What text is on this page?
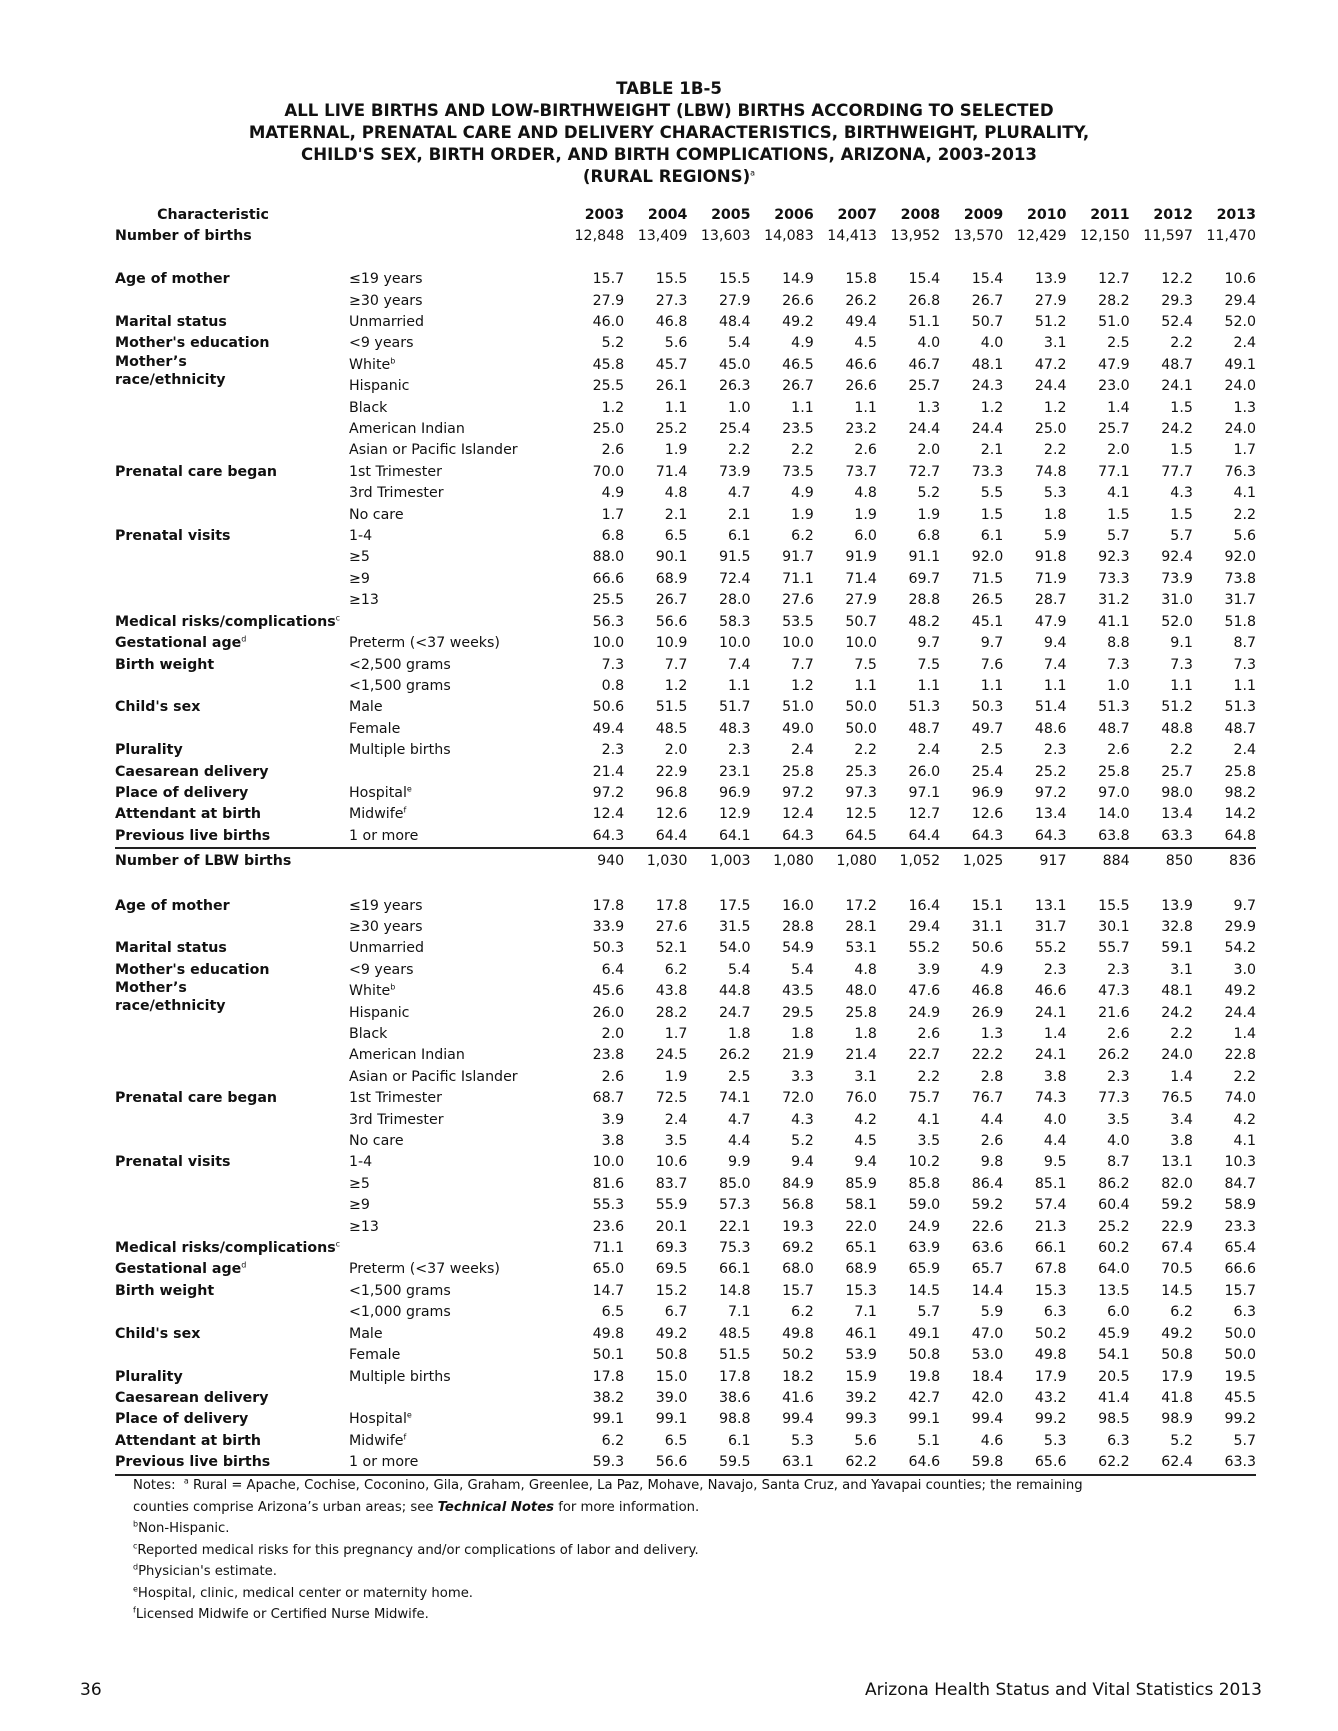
TABLE 1B-5
ALL LIVE BIRTHS AND LOW-BIRTHWEIGHT (LBW) BIRTHS ACCORDING TO SELECTED
MATERNAL, PRENATAL CARE AND DELIVERY CHARACTERISTICS, BIRTHWEIGHT, PLURALITY,
CHILD'S SEX, BIRTH ORDER, AND BIRTH COMPLICATIONS, ARIZONA, 2003-2013
(RURAL REGIONS)$^a$
Characteristic		2003	2004	2005	2006	2007	2008	2009	2010	2011	2012	2013
Number of births		12,848	13,409	13,603	14,083	14,413	13,952	13,570	12,429	12,150	11,597	11,470

Age of mother	≤19 years	15.7	15.5	15.5	14.9	15.8	15.4	15.4	13.9	12.7	12.2	10.6
	≥30 years	27.9	27.3	27.9	26.6	26.2	26.8	26.7	27.9	28.2	29.3	29.4
Marital status	Unmarried	46.0	46.8	48.4	49.2	49.4	51.1	50.7	51.2	51.0	52.4	52.0
Mother's education	<9 years	5.2	5.6	5.4	4.9	4.5	4.0	4.0	3.1	2.5	2.2	2.4

Mother’s race/ethnicity	White$^b$	45.8	45.7	45.0	46.5	46.6	46.7	48.1	47.2	47.9	48.7	49.1
	Hispanic	25.5	26.1	26.3	26.7	26.6	25.7	24.3	24.4	23.0	24.1	24.0
	Black	1.2	1.1	1.0	1.1	1.1	1.3	1.2	1.2	1.4	1.5	1.3
	American Indian	25.0	25.2	25.4	23.5	23.2	24.4	24.4	25.0	25.7	24.2	24.0
	Asian or Pacific Islander	2.6	1.9	2.2	2.2	2.6	2.0	2.1	2.2	2.0	1.5	1.7
Prenatal care began	1st Trimester	70.0	71.4	73.9	73.5	73.7	72.7	73.3	74.8	77.1	77.7	76.3
	3rd Trimester	4.9	4.8	4.7	4.9	4.8	5.2	5.5	5.3	4.1	4.3	4.1
	No care	1.7	2.1	2.1	1.9	1.9	1.9	1.5	1.8	1.5	1.5	2.2
Prenatal visits	1-4	6.8	6.5	6.1	6.2	6.0	6.8	6.1	5.9	5.7	5.7	5.6
	≥5	88.0	90.1	91.5	91.7	91.9	91.1	92.0	91.8	92.3	92.4	92.0
	≥9	66.6	68.9	72.4	71.1	71.4	69.7	71.5	71.9	73.3	73.9	73.8
	≥13	25.5	26.7	28.0	27.6	27.9	28.8	26.5	28.7	31.2	31.0	31.7
Medical risks/complications$^c$		56.3	56.6	58.3	53.5	50.7	48.2	45.1	47.9	41.1	52.0	51.8
Gestational age$^d$	Preterm (<37 weeks)	10.0	10.9	10.0	10.0	10.0	9.7	9.7	9.4	8.8	9.1	8.7
Birth weight	<2,500 grams	7.3	7.7	7.4	7.7	7.5	7.5	7.6	7.4	7.3	7.3	7.3
	<1,500 grams	0.8	1.2	1.1	1.2	1.1	1.1	1.1	1.1	1.0	1.1	1.1
Child's sex	Male	50.6	51.5	51.7	51.0	50.0	51.3	50.3	51.4	51.3	51.2	51.3
	Female	49.4	48.5	48.3	49.0	50.0	48.7	49.7	48.6	48.7	48.8	48.7
Plurality	Multiple births	2.3	2.0	2.3	2.4	2.2	2.4	2.5	2.3	2.6	2.2	2.4
Caesarean delivery		21.4	22.9	23.1	25.8	25.3	26.0	25.4	25.2	25.8	25.7	25.8
Place of delivery	Hospital$^e$	97.2	96.8	96.9	97.2	97.3	97.1	96.9	97.2	97.0	98.0	98.2
Attendant at birth	Midwife$^f$	12.4	12.6	12.9	12.4	12.5	12.7	12.6	13.4	14.0	13.4	14.2
Previous live births	1 or more	64.3	64.4	64.1	64.3	64.5	64.4	64.3	64.3	63.8	63.3	64.8
Number of LBW births		940	1,030	1,003	1,080	1,080	1,052	1,025	917	884	850	836

Age of mother	≤19 years	17.8	17.8	17.5	16.0	17.2	16.4	15.1	13.1	15.5	13.9	9.7
	≥30 years	33.9	27.6	31.5	28.8	28.1	29.4	31.1	31.7	30.1	32.8	29.9
Marital status	Unmarried	50.3	52.1	54.0	54.9	53.1	55.2	50.6	55.2	55.7	59.1	54.2
Mother's education	<9 years	6.4	6.2	5.4	5.4	4.8	3.9	4.9	2.3	2.3	3.1	3.0

Mother’s race/ethnicity	White$^b$	45.6	43.8	44.8	43.5	48.0	47.6	46.8	46.6	47.3	48.1	49.2
	Hispanic	26.0	28.2	24.7	29.5	25.8	24.9	26.9	24.1	21.6	24.2	24.4
	Black	2.0	1.7	1.8	1.8	1.8	2.6	1.3	1.4	2.6	2.2	1.4
	American Indian	23.8	24.5	26.2	21.9	21.4	22.7	22.2	24.1	26.2	24.0	22.8
	Asian or Pacific Islander	2.6	1.9	2.5	3.3	3.1	2.2	2.8	3.8	2.3	1.4	2.2
Prenatal care began	1st Trimester	68.7	72.5	74.1	72.0	76.0	75.7	76.7	74.3	77.3	76.5	74.0
	3rd Trimester	3.9	2.4	4.7	4.3	4.2	4.1	4.4	4.0	3.5	3.4	4.2
	No care	3.8	3.5	4.4	5.2	4.5	3.5	2.6	4.4	4.0	3.8	4.1
Prenatal visits	1-4	10.0	10.6	9.9	9.4	9.4	10.2	9.8	9.5	8.7	13.1	10.3
	≥5	81.6	83.7	85.0	84.9	85.9	85.8	86.4	85.1	86.2	82.0	84.7
	≥9	55.3	55.9	57.3	56.8	58.1	59.0	59.2	57.4	60.4	59.2	58.9
	≥13	23.6	20.1	22.1	19.3	22.0	24.9	22.6	21.3	25.2	22.9	23.3
Medical risks/complications$^c$		71.1	69.3	75.3	69.2	65.1	63.9	63.6	66.1	60.2	67.4	65.4
Gestational age$^d$	Preterm (<37 weeks)	65.0	69.5	66.1	68.0	68.9	65.9	65.7	67.8	64.0	70.5	66.6
Birth weight	<1,500 grams	14.7	15.2	14.8	15.7	15.3	14.5	14.4	15.3	13.5	14.5	15.7
	<1,000 grams	6.5	6.7	7.1	6.2	7.1	5.7	5.9	6.3	6.0	6.2	6.3
Child's sex	Male	49.8	49.2	48.5	49.8	46.1	49.1	47.0	50.2	45.9	49.2	50.0
	Female	50.1	50.8	51.5	50.2	53.9	50.8	53.0	49.8	54.1	50.8	50.0
Plurality	Multiple births	17.8	15.0	17.8	18.2	15.9	19.8	18.4	17.9	20.5	17.9	19.5
Caesarean delivery		38.2	39.0	38.6	41.6	39.2	42.7	42.0	43.2	41.4	41.8	45.5
Place of delivery	Hospital$^e$	99.1	99.1	98.8	99.4	99.3	99.1	99.4	99.2	98.5	98.9	99.2
Attendant at birth	Midwife$^f$	6.2	6.5	6.1	5.3	5.6	5.1	4.6	5.3	6.3	5.2	5.7
Previous live births	1 or more	59.3	56.6	59.5	63.1	62.2	64.6	59.8	65.6	62.2	62.4	63.3
Notes: $^a$ Rural = Apache, Cochise, Coconino, Gila, Graham, Greenlee, La Paz, Mohave, Navajo, Santa Cruz, and Yavapai counties; the remaining
counties comprise Arizona’s urban areas; see Technical Notes for more information.
$^b$Non-Hispanic.
$^c$Reported medical risks for this pregnancy and/or complications of labor and delivery.
$^d$Physician's estimate.
$^e$Hospital, clinic, medical center or maternity home.
$^f$Licensed Midwife or Certified Nurse Midwife.
36	Arizona Health Status and Vital Statistics 2013
